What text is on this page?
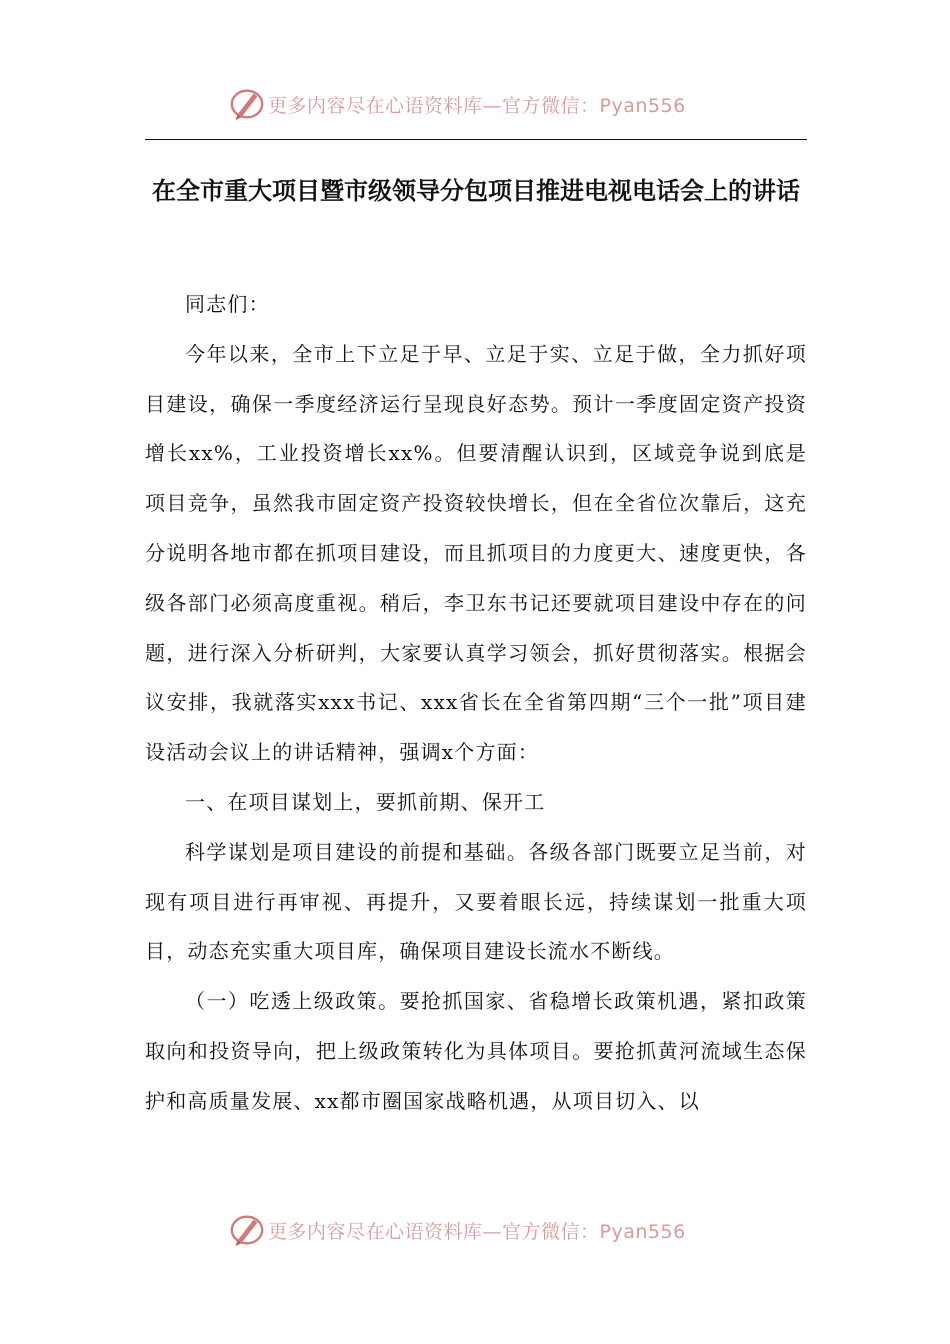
更多内容尽在心语资料库—官方微信：Pyan556
在全市重大项目暨市级领导分包项目推进电视电话会上的讲话

同志们：

今年以来，全市上下立足于早、立足于实、立足于做，全力抓好项目建设，确保一季度经济运行呈现良好态势。预计一季度固定资产投资增长xx%，工业投资增长xx%。但要清醒认识到，区域竞争说到底是项目竞争，虽然我市固定资产投资较快增长，但在全省位次靠后，这充分说明各地市都在抓项目建设，而且抓项目的力度更大、速度更快，各级各部门必须高度重视。稍后，李卫东书记还要就项目建设中存在的问题，进行深入分析研判，大家要认真学习领会，抓好贯彻落实。根据会议安排，我就落实xxx书记、xxx省长在全省第四期“三个一批”项目建设活动会议上的讲话精神，强调x个方面：

一、在项目谋划上，要抓前期、保开工

科学谋划是项目建设的前提和基础。各级各部门既要立足当前，对现有项目进行再审视、再提升，又要着眼长远，持续谋划一批重大项目，动态充实重大项目库，确保项目建设长流水不断线。

（一）吃透上级政策。要抢抓国家、省稳增长政策机遇，紧扣政策取向和投资导向，把上级政策转化为具体项目。要抢抓黄河流域生态保护和高质量发展、xx都市圈国家战略机遇，从项目切入、以

更多内容尽在心语资料库—官方微信：Pyan556
